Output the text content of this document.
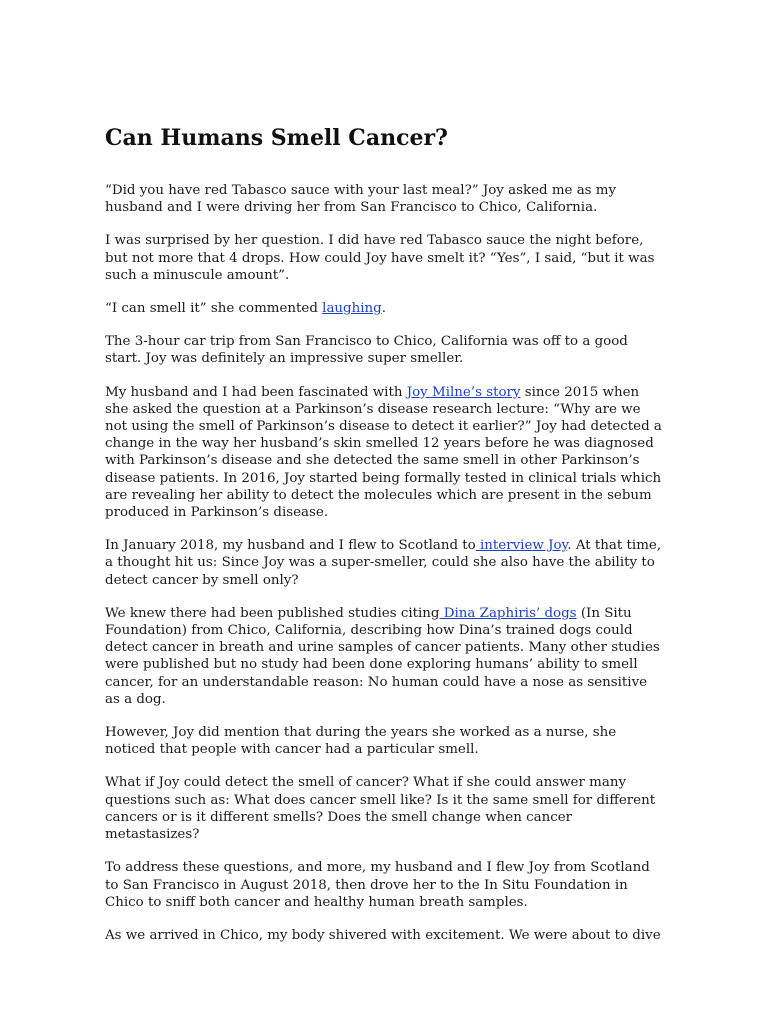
Can Humans Smell Cancer?

“Did you have red Tabasco sauce with your last meal?” Joy asked me as my husband and I were driving her from San Francisco to Chico, California.

I was surprised by her question. I did have red Tabasco sauce the night before, but not more that 4 drops. How could Joy have smelt it? “Yes”, I said, “but it was such a minuscule amount”.

“I can smell it” she commented laughing.

The 3-hour car trip from San Francisco to Chico, California was off to a good start. Joy was definitely an impressive super smeller.

My husband and I had been fascinated with Joy Milne’s story since 2015 when she asked the question at a Parkinson’s disease research lecture: “Why are we not using the smell of Parkinson’s disease to detect it earlier?” Joy had detected a change in the way her husband’s skin smelled 12 years before he was diagnosed with Parkinson’s disease and she detected the same smell in other Parkinson’s disease patients. In 2016, Joy started being formally tested in clinical trials which are revealing her ability to detect the molecules which are present in the sebum produced in Parkinson’s disease.

In January 2018, my husband and I flew to Scotland to interview Joy. At that time, a thought hit us: Since Joy was a super-smeller, could she also have the ability to detect cancer by smell only?

We knew there had been published studies citing Dina Zaphiris’ dogs (In Situ Foundation) from Chico, California, describing how Dina’s trained dogs could detect cancer in breath and urine samples of cancer patients. Many other studies were published but no study had been done exploring humans’ ability to smell cancer, for an understandable reason: No human could have a nose as sensitive as a dog.

However, Joy did mention that during the years she worked as a nurse, she noticed that people with cancer had a particular smell.

What if Joy could detect the smell of cancer? What if she could answer many questions such as: What does cancer smell like? Is it the same smell for different cancers or is it different smells? Does the smell change when cancer metastasizes?

To address these questions, and more, my husband and I flew Joy from Scotland to San Francisco in August 2018, then drove her to the In Situ Foundation in Chico to sniff both cancer and healthy human breath samples.

As we arrived in Chico, my body shivered with excitement. We were about to dive
